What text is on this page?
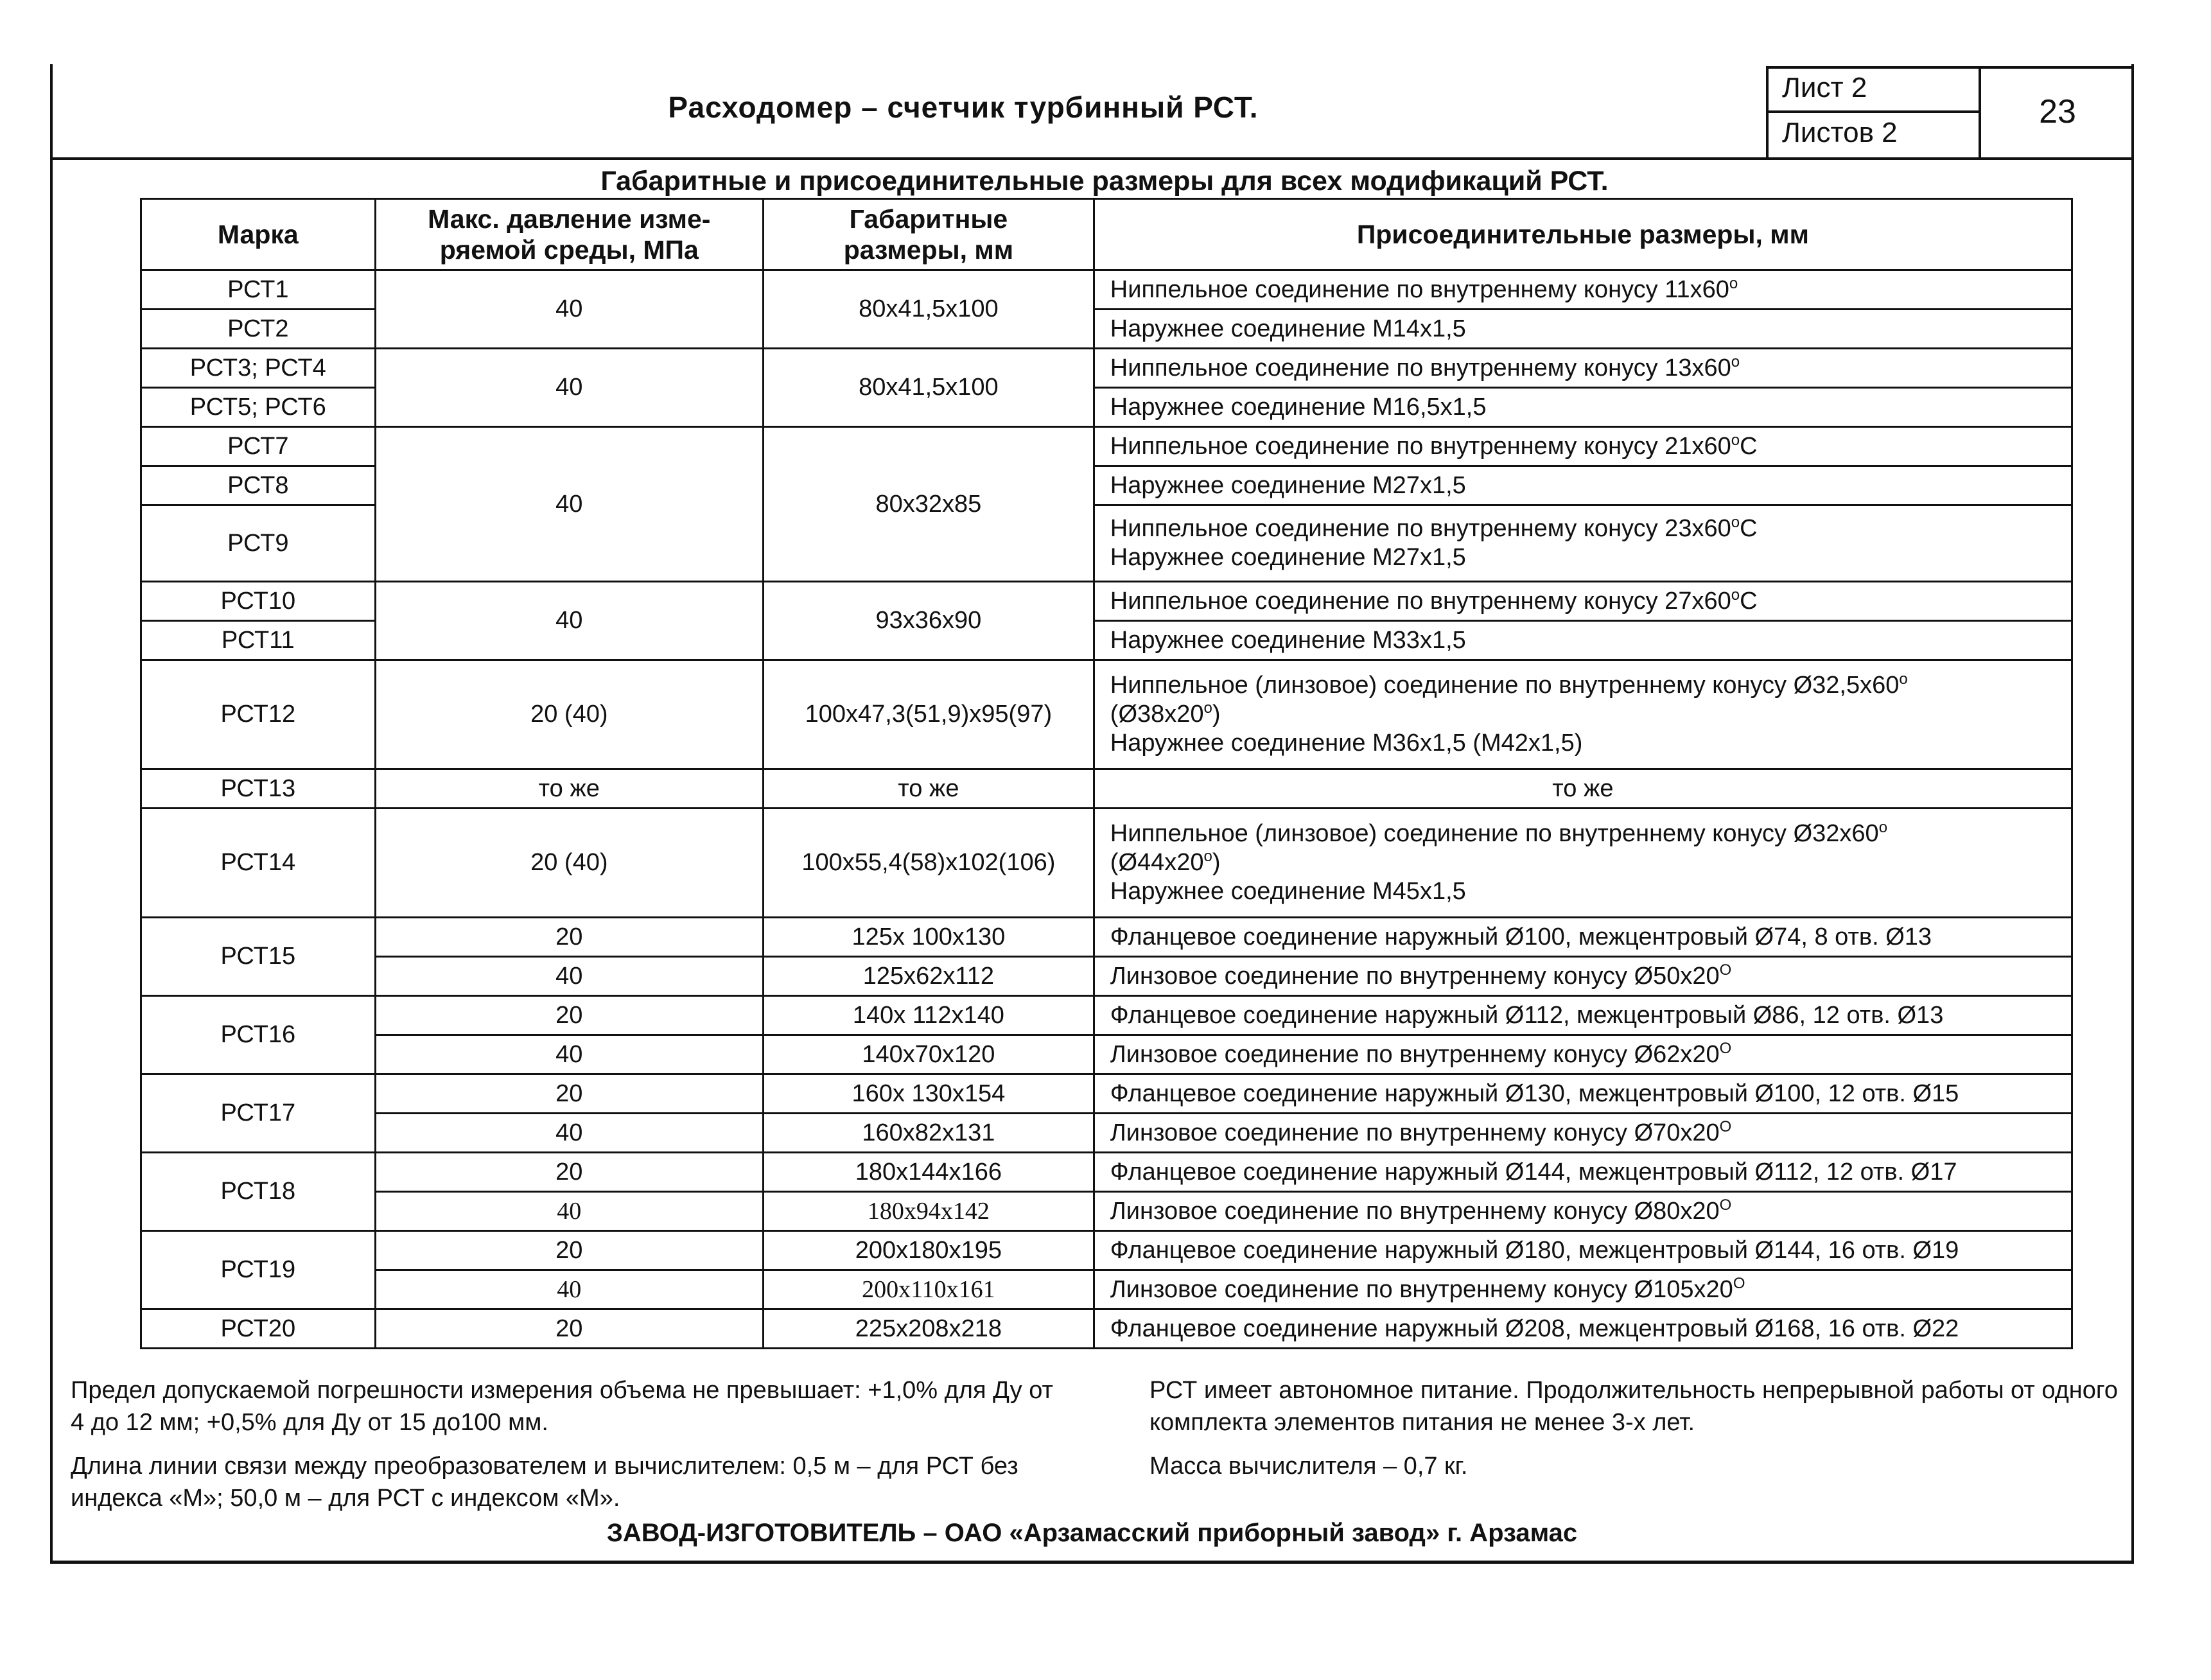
Расходомер – счетчик турбинный РСТ.
Лист 2
Листов 2
23
Габаритные и присоединительные размеры для всех модификаций РСТ.
Марка	Макс. давление изме-ряемой среды, МПа	Габаритные размеры, мм	Присоединительные размеры, мм
РСТ1	40	80х41,5х100	Ниппельное соединение по внутреннему конусу $11х60^о$
РСТ2			Наружнее соединение М14х1,5
РСТ3; РСТ4	40	80х41,5х100	Ниппельное соединение по внутреннему конусу $13х60^о$
РСТ5; РСТ6			Наружнее соединение М16,5х1,5
РСТ7	40	80х32х85	Ниппельное соединение по внутреннему конусу $21х60^оС$
РСТ8			Наружнее соединение М27х1,5
РСТ9			Ниппельное соединение по внутреннему конусу $23х60^оС$
Наружнее соединение М27х1,5
РСТ10	40	93х36х90	Ниппельное соединение по внутреннему конусу $27х60^оС$
РСТ11			Наружнее соединение М33х1,5
РСТ12	20 (40)	100х47,3(51,9)х95(97)	Ниппельное (линзовое) соединение по внутреннему конусу $Ø32,5х60^о$
$(Ø38х20^о)$
Наружнее соединение М36х1,5 (М42х1,5)
РСТ13	то же	то же	то же
РСТ14	20 (40)	100х55,4(58)х102(106)	Ниппельное (линзовое) соединение по внутреннему конусу $Ø32х60^о$
$(Ø44х20^о)$
Наружнее соединение М45х1,5
РСТ15	20	125х 100х130	Фланцевое соединение наружный Ø100, межцентровый Ø74, 8 отв. Ø13
	40	125х62х112	Линзовое соединение по внутреннему конусу $Ø50х20^О$
РСТ16	20	140х 112х140	Фланцевое соединение наружный Ø112, межцентровый Ø86, 12 отв. Ø13
	40	140х70х120	Линзовое соединение по внутреннему конусу $Ø62х20^О$
РСТ17	20	160х 130х154	Фланцевое соединение наружный Ø130, межцентровый Ø100, 12 отв. Ø15
	40	160х82х131	Линзовое соединение по внутреннему конусу $Ø70х20^О$
РСТ18	20	180х144х166	Фланцевое соединение наружный Ø144, межцентровый Ø112, 12 отв. Ø17
	40	180х94х142	Линзовое соединение по внутреннему конусу $Ø80х20^О$
РСТ19	20	200х180х195	Фланцевое соединение наружный Ø180, межцентровый Ø144, 16 отв. Ø19
	40	200х110х161	Линзовое соединение по внутреннему конусу $Ø105х20^О$
РСТ20	20	225х208х218	Фланцевое соединение наружный Ø208, межцентровый Ø168, 16 отв. Ø22

Предел допускаемой погрешности измерения объема не превышает: +1,0% для Ду от 4 до 12 мм; +0,5% для Ду от 15 до100 мм.

Длина линии связи между преобразователем и вычислителем: 0,5 м – для РСТ без индекса «М»; 50,0 м – для РСТ с индексом «М».

РСТ имеет автономное питание. Продолжительность непрерывной работы от одного комплекта элементов питания не менее 3-х лет.

Масса вычислителя – 0,7 кг.

ЗАВОД-ИЗГОТОВИТЕЛЬ – ОАО «Арзамасский приборный завод» г. Арзамас
